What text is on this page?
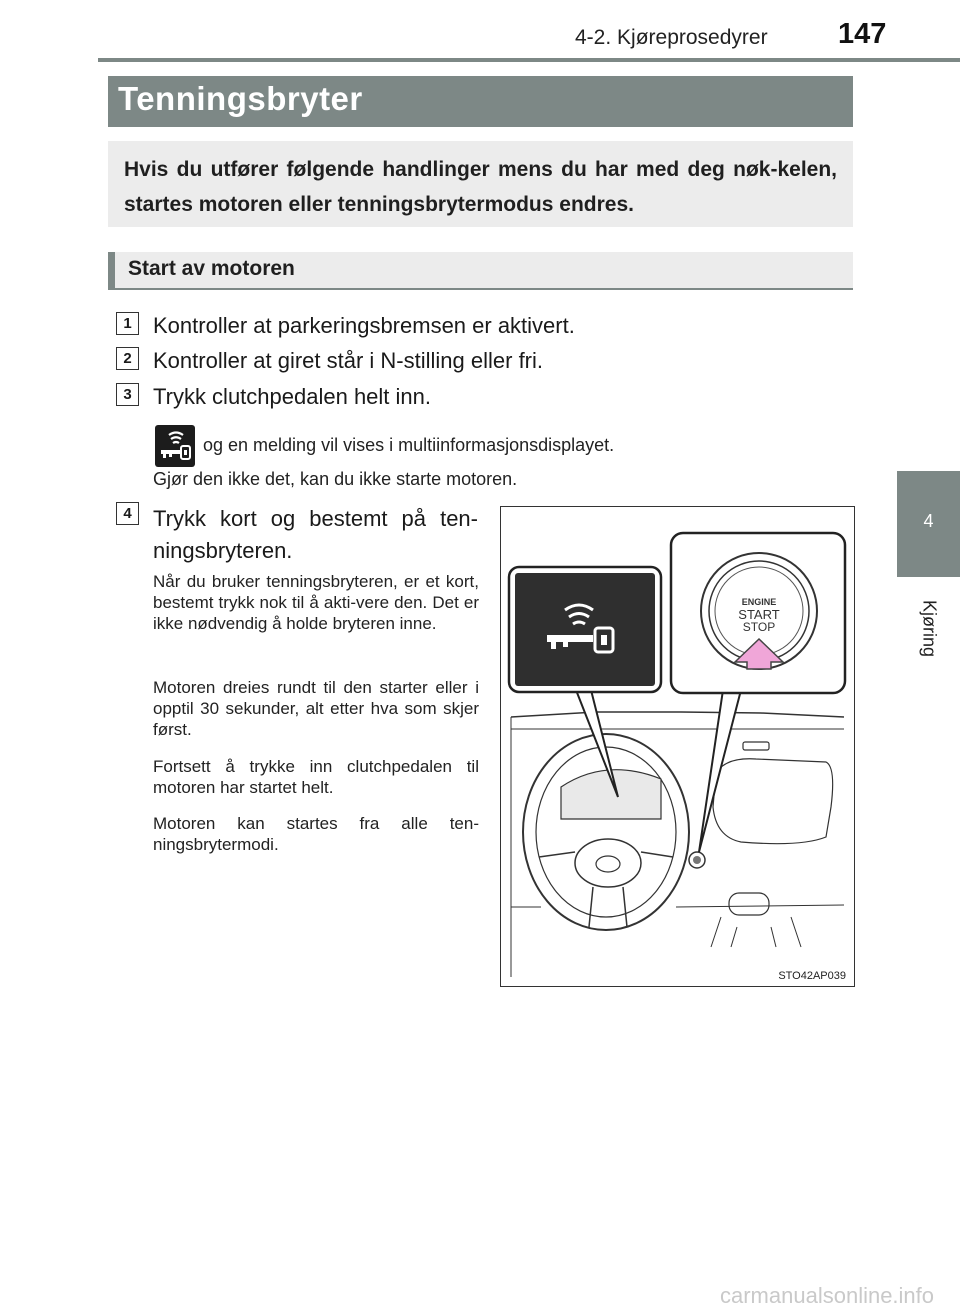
4-2. Kjøreprosedyrer 147
4
Kjøring
Tenningsbryter
Hvis du utfører følgende handlinger mens du har med deg nøk-kelen, startes motoren eller tenningsbrytermodus endres.
Start av motoren
1 Kontroller at parkeringsbremsen er aktivert.
2 Kontroller at giret står i N-stilling eller fri.
3 Trykk clutchpedalen helt inn.
og en melding vil vises i multiinformasjonsdisplayet.
Gjør den ikke det, kan du ikke starte motoren.
4 Trykk kort og bestemt på ten-ningsbryteren.
Når du bruker tenningsbryteren, er et kort, bestemt trykk nok til å akti-vere den. Det er ikke nødvendig å holde bryteren inne.
Motoren dreies rundt til den starter eller i opptil 30 sekunder, alt etter hva som skjer først.
Fortsett å trykke inn clutchpedalen til motoren har startet helt.
Motoren kan startes fra alle ten-ningsbrytermodi.
ENGINE
START
STOP
STO42AP039
carmanualsonline.info
